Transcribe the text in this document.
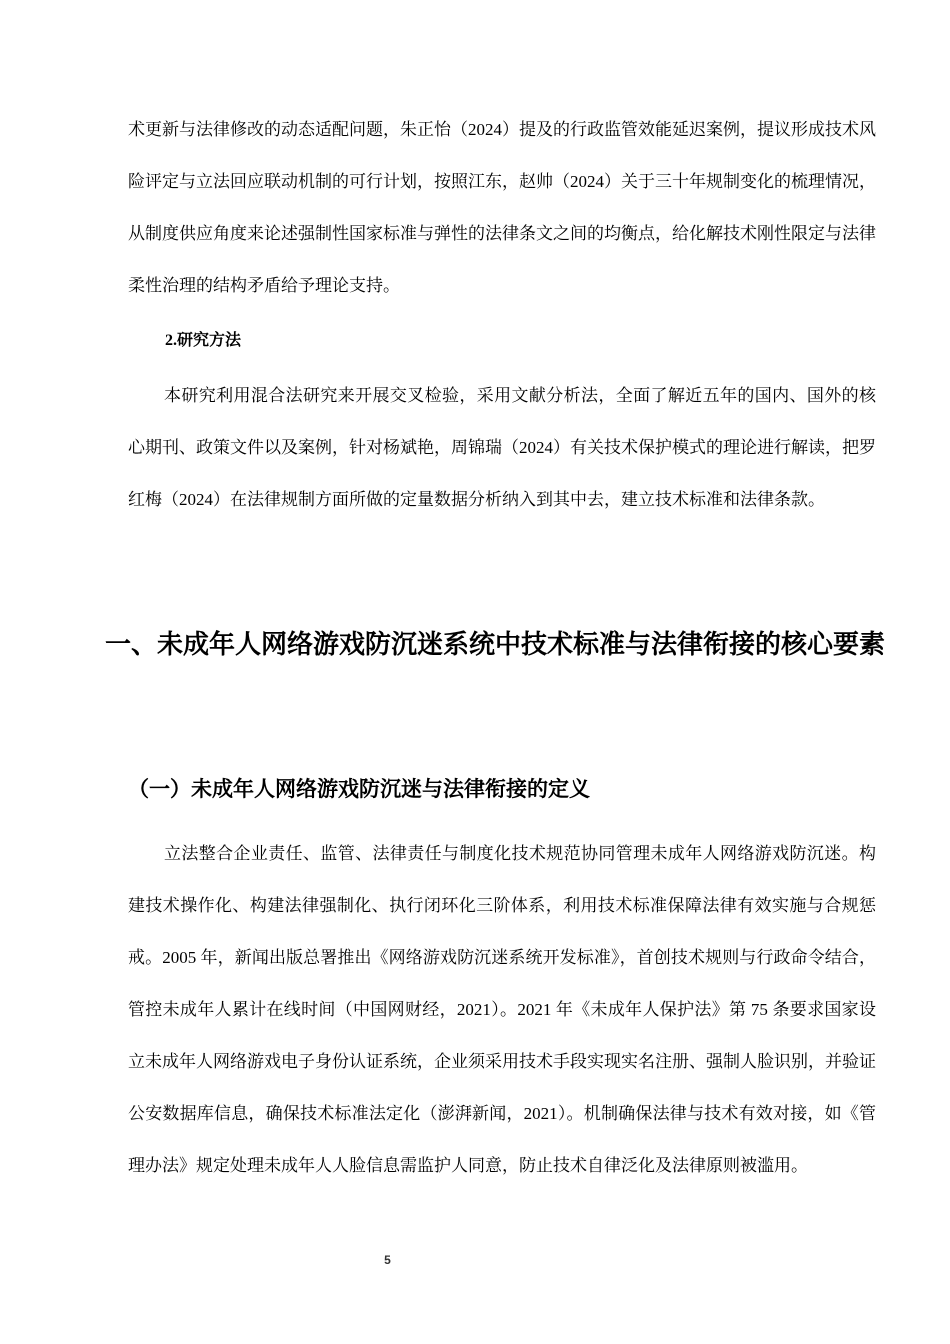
术更新与法律修改的动态适配问题，朱正怡（2024）提及的行政监管效能延迟案例，提议形成技术风险评定与立法回应联动机制的可行计划，按照江东，赵帅（2024）关于三十年规制变化的梳理情况，从制度供应角度来论述强制性国家标准与弹性的法律条文之间的均衡点，给化解技术刚性限定与法律柔性治理的结构矛盾给予理论支持。

2.研究方法

本研究利用混合法研究来开展交叉检验，采用文献分析法，全面了解近五年的国内、国外的核心期刊、政策文件以及案例，针对杨斌艳，周锦瑞（2024）有关技术保护模式的理论进行解读，把罗红梅（2024）在法律规制方面所做的定量数据分析纳入到其中去，建立技术标准和法律条款。

一、未成年人网络游戏防沉迷系统中技术标准与法律衔接的核心要素
（一）未成年人网络游戏防沉迷与法律衔接的定义

立法整合企业责任、监管、法律责任与制度化技术规范协同管理未成年人网络游戏防沉迷。构建技术操作化、构建法律强制化、执行闭环化三阶体系，利用技术标准保障法律有效实施与合规惩戒。2005 年，新闻出版总署推出《网络游戏防沉迷系统开发标准》，首创技术规则与行政命令结合，管控未成年人累计在线时间（中国网财经，2021）。2021 年《未成年人保护法》第 75 条要求国家设立未成年人网络游戏电子身份认证系统，企业须采用技术手段实现实名注册、强制人脸识别，并验证公安数据库信息，确保技术标准法定化（澎湃新闻，2021）。机制确保法律与技术有效对接，如《管理办法》规定处理未成年人人脸信息需监护人同意，防止技术自律泛化及法律原则被滥用。

5
